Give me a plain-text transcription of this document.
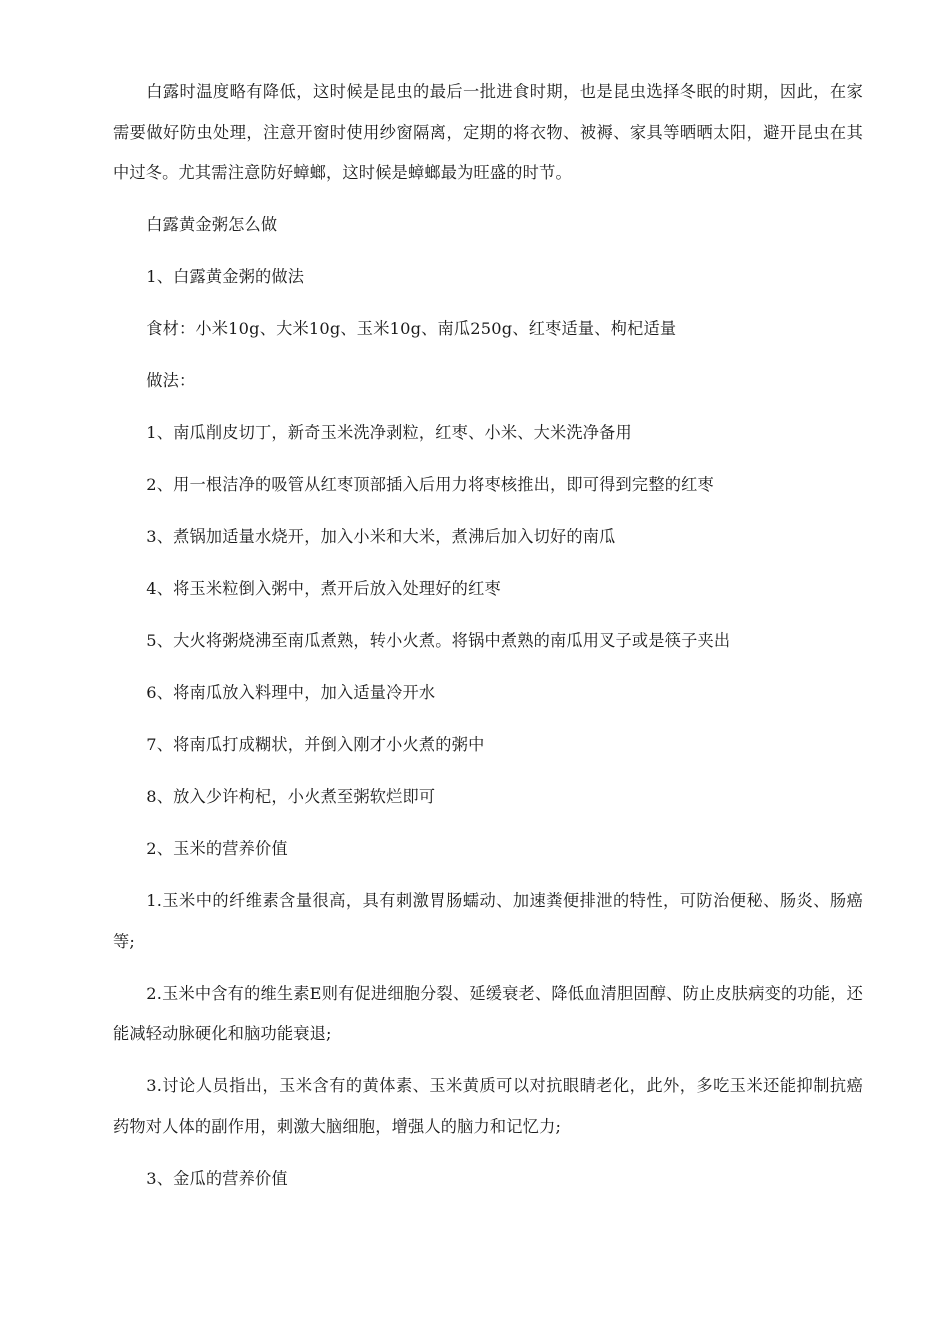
白露时温度略有降低，这时候是昆虫的最后一批进食时期，也是昆虫选择冬眠的时期，因此，在家需要做好防虫处理，注意开窗时使用纱窗隔离，定期的将衣物、被褥、家具等晒晒太阳，避开昆虫在其中过冬。尤其需注意防好蟑螂，这时候是蟑螂最为旺盛的时节。

白露黄金粥怎么做

1、白露黄金粥的做法

食材：小米10g、大米10g、玉米10g、南瓜250g、红枣适量、枸杞适量

做法：

1、南瓜削皮切丁，新奇玉米洗净剥粒，红枣、小米、大米洗净备用

2、用一根洁净的吸管从红枣顶部插入后用力将枣核推出，即可得到完整的红枣

3、煮锅加适量水烧开，加入小米和大米，煮沸后加入切好的南瓜

4、将玉米粒倒入粥中，煮开后放入处理好的红枣

5、大火将粥烧沸至南瓜煮熟，转小火煮。将锅中煮熟的南瓜用叉子或是筷子夹出

6、将南瓜放入料理中，加入适量冷开水

7、将南瓜打成糊状，并倒入刚才小火煮的粥中

8、放入少许枸杞，小火煮至粥软烂即可

2、玉米的营养价值

1.玉米中的纤维素含量很高，具有刺激胃肠蠕动、加速粪便排泄的特性，可防治便秘、肠炎、肠癌等;

2.玉米中含有的维生素E则有促进细胞分裂、延缓衰老、降低血清胆固醇、防止皮肤病变的功能，还能减轻动脉硬化和脑功能衰退;

3.讨论人员指出，玉米含有的黄体素、玉米黄质可以对抗眼睛老化，此外，多吃玉米还能抑制抗癌药物对人体的副作用，刺激大脑细胞，增强人的脑力和记忆力;

3、金瓜的营养价值
